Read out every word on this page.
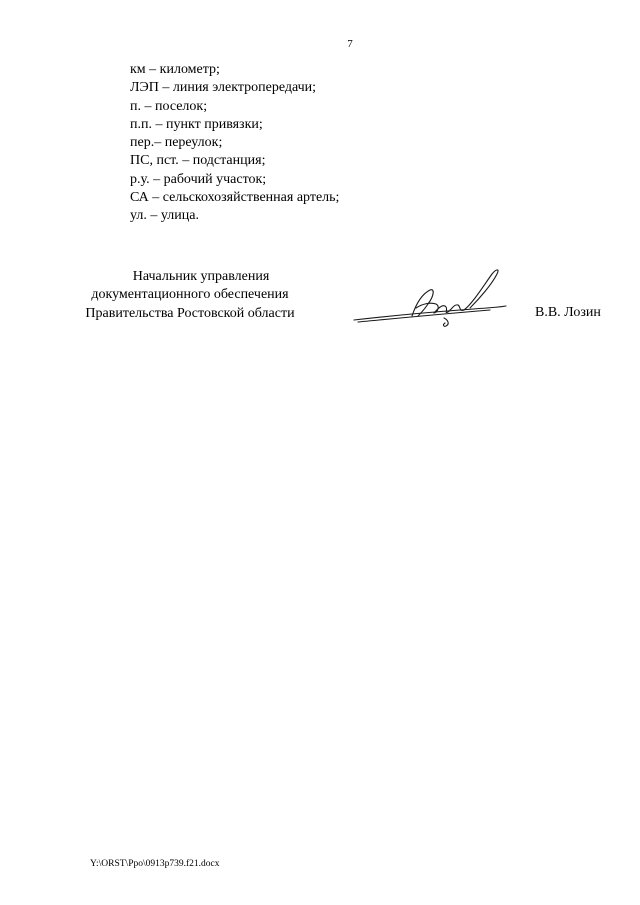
7
км – километр;
ЛЭП – линия электропередачи;
п. – поселок;
п.п. – пункт привязки;
пер.– переулок;
ПС, пст. – подстанция;
р.у. – рабочий участок;
СА – сельскохозяйственная артель;
ул. – улица.
Начальник управления
документационного обеспечения
Правительства Ростовской области	В.В. Лозин
Y:\ORST\Ppo\0913p739.f21.docx
